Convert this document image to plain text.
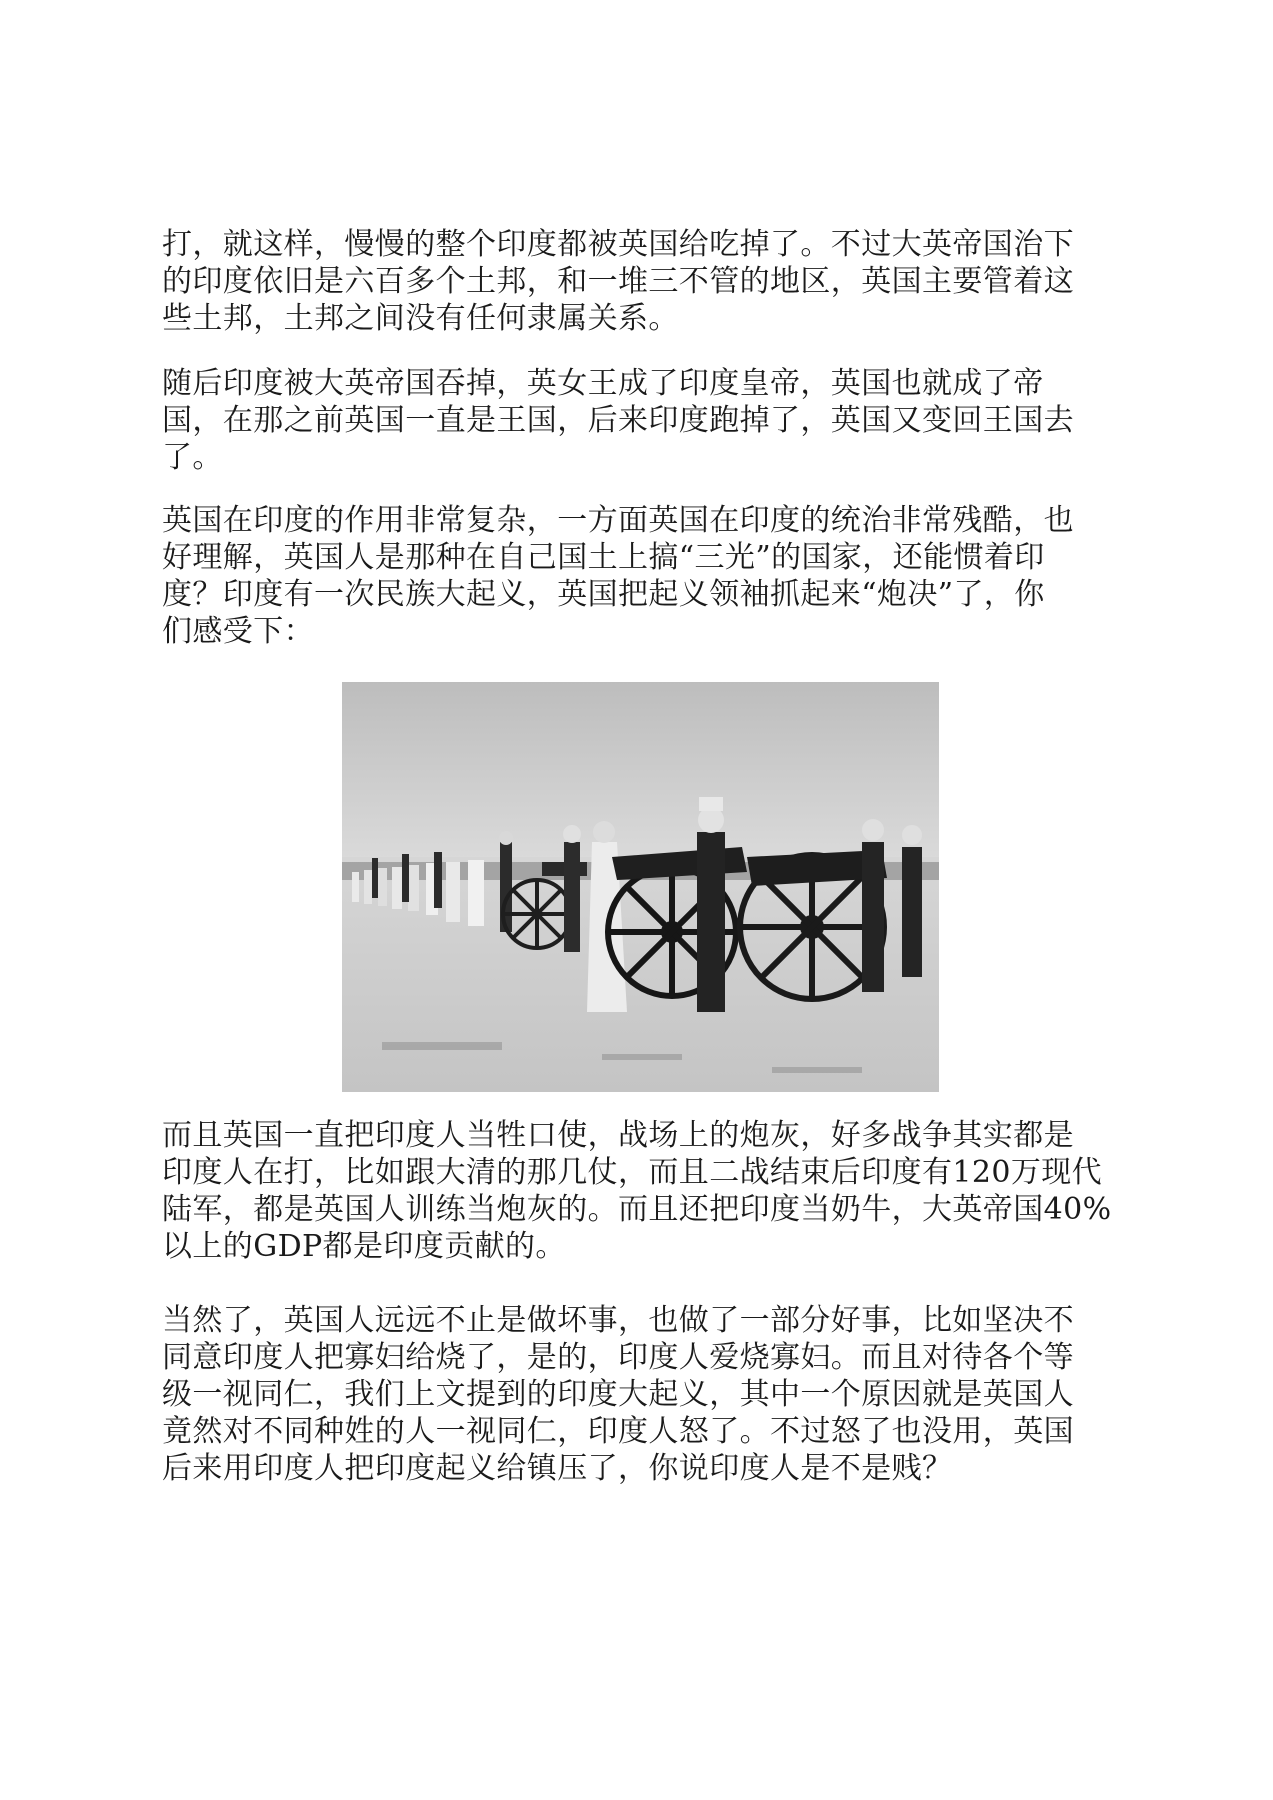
打，就这样，慢慢的整个印度都被英国给吃掉了。不过大英帝国治下
的印度依旧是六百多个土邦，和一堆三不管的地区，英国主要管着这
些土邦，土邦之间没有任何隶属关系。
随后印度被大英帝国吞掉，英女王成了印度皇帝，英国也就成了帝
国，在那之前英国一直是王国，后来印度跑掉了，英国又变回王国去
了。
英国在印度的作用非常复杂，一方面英国在印度的统治非常残酷，也
好理解，英国人是那种在自己国土上搞“三光”的国家，还能惯着印
度？印度有一次民族大起义，英国把起义领袖抓起来“炮决”了，你
们感受下：
而且英国一直把印度人当牲口使，战场上的炮灰，好多战争其实都是
印度人在打，比如跟大清的那几仗，而且二战结束后印度有120万现代
陆军，都是英国人训练当炮灰的。而且还把印度当奶牛，大英帝国40%
以上的GDP都是印度贡献的。
当然了，英国人远远不止是做坏事，也做了一部分好事，比如坚决不
同意印度人把寡妇给烧了，是的，印度人爱烧寡妇。而且对待各个等
级一视同仁，我们上文提到的印度大起义，其中一个原因就是英国人
竟然对不同种姓的人一视同仁，印度人怒了。不过怒了也没用，英国
后来用印度人把印度起义给镇压了，你说印度人是不是贱？
